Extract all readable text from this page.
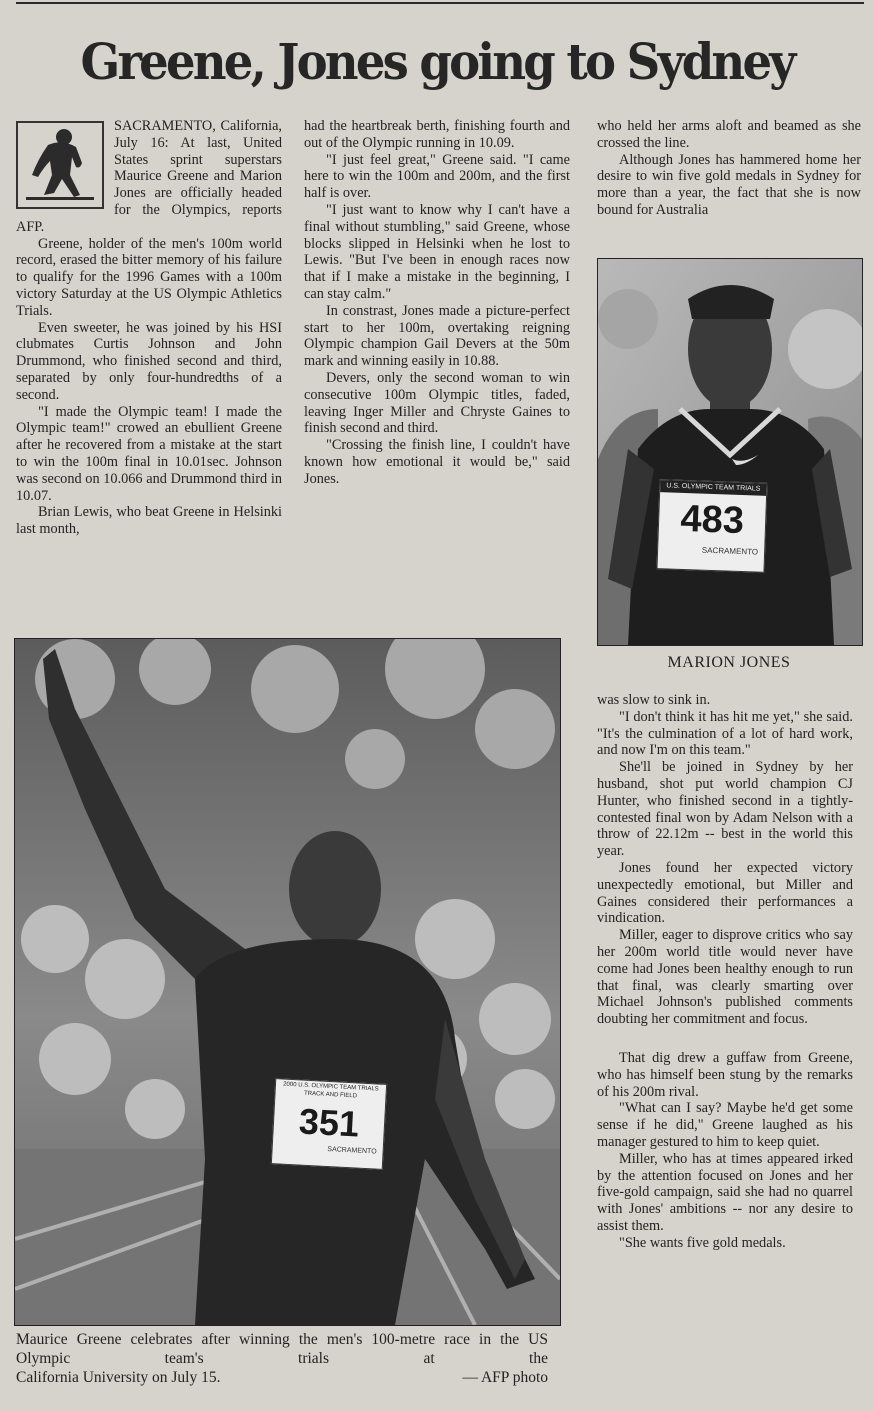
Greene, Jones going to Sydney

SACRAMENTO, California, July 16: At last, United States sprint superstars Maurice Greene and Marion Jones are officially headed for the Olympics, reports AFP.

Greene, holder of the men's 100m world record, erased the bitter memory of his failure to qualify for the 1996 Games with a 100m victory Saturday at the US Olympic Athletics Trials.

Even sweeter, he was joined by his HSI clubmates Curtis Johnson and John Drummond, who finished second and third, separated by only four-hundredths of a second.

"I made the Olympic team! I made the Olympic team!" crowed an ebullient Greene after he recovered from a mistake at the start to win the 100m final in 10.01sec. Johnson was second on 10.066 and Drummond third in 10.07.

Brian Lewis, who beat Greene in Helsinki last month,

had the heartbreak berth, finishing fourth and out of the Olympic running in 10.09.

"I just feel great," Greene said. "I came here to win the 100m and 200m, and the first half is over.

"I just want to know why I can't have a final without stumbling," said Greene, whose blocks slipped in Helsinki when he lost to Lewis. "But I've been in enough races now that if I make a mistake in the beginning, I can stay calm."

In constrast, Jones made a picture-perfect start to her 100m, overtaking reigning Olympic champion Gail Devers at the 50m mark and winning easily in 10.88.

Devers, only the second woman to win consecutive 100m Olympic titles, faded, leaving Inger Miller and Chryste Gaines to finish second and third.

"Crossing the finish line, I couldn't have known how emotional it would be," said Jones.

who held her arms aloft and beamed as she crossed the line.

Although Jones has hammered home her desire to win five gold medals in Sydney for more than a year, the fact that she is now bound for Australia

U.S. OLYMPIC TEAM TRIALS
483
SACRAMENTO
MARION JONES

was slow to sink in.

"I don't think it has hit me yet," she said. "It's the culmination of a lot of hard work, and now I'm on this team."

She'll be joined in Sydney by her husband, shot put world champion CJ Hunter, who finished second in a tightly-contested final won by Adam Nelson with a throw of 22.12m -- best in the world this year.

Jones found her expected victory unexpectedly emotional, but Miller and Gaines considered their performances a vindication.

Miller, eager to disprove critics who say her 200m world title would never have come had Jones been healthy enough to run that final, was clearly smarting over Michael Johnson's published comments doubting her commitment and focus.

That dig drew a guffaw from Greene, who has himself been stung by the remarks of his 200m rival.

"What can I say? Maybe he'd get some sense if he did," Greene laughed as his manager gestured to him to keep quiet.

Miller, who has at times appeared irked by the attention focused on Jones and her five-gold campaign, said she had no quarrel with Jones' ambitions -- nor any desire to assist them.

"She wants five gold medals.

2000 U.S. OLYMPIC TEAM TRIALS TRACK AND FIELD
351
SACRAMENTO
Maurice Greene celebrates after winning the men's 100-metre race in the US Olympic team's trials at the
California University on July 15.	— AFP photo
